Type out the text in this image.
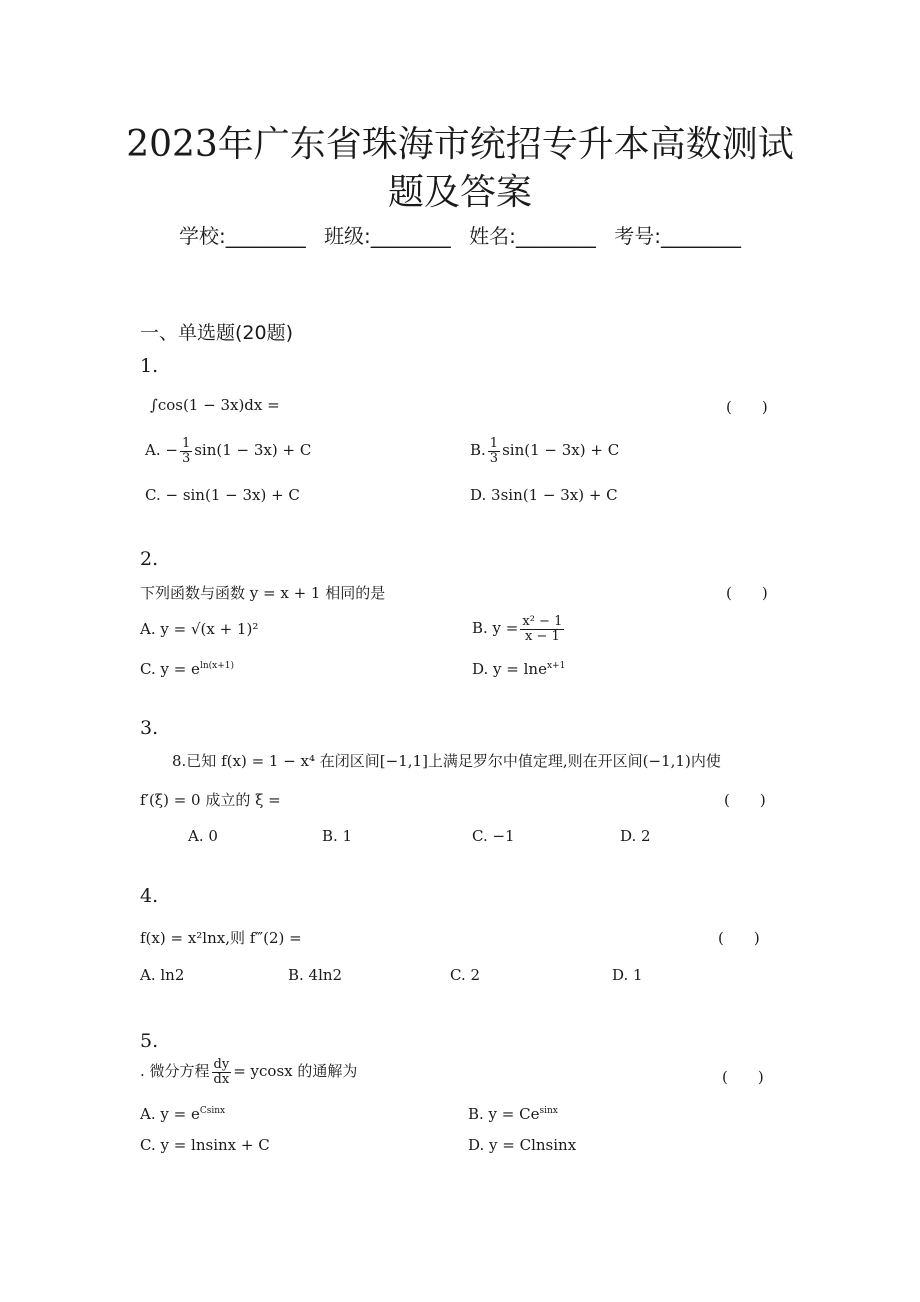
2023年广东省珠海市统招专升本高数测试
题及答案
学校:________ 班级:________ 姓名:________ 考号:________
一、单选题(20题)
1.
∫cos(1 − 3x)dx =	(　　)
A. − $\frac{1}{3} \sin(1 - 3x) + C$	B. $\frac{1}{3} \sin(1 - 3x) + C$
C. − sin(1 − 3x) + C	D. 3sin(1 − 3x) + C
2.
下列函数与函数 y = x + 1 相同的是	(　　)
A. y = √(x + 1)²	B. $y = \frac{\text{x² − 1}}{x - 1}$
C. $y = e^{ln(x+1)}$	D. y = lne$^{x+1}$
3.
8.已知 f(x) = 1 − x⁴ 在闭区间[−1,1]上满足罗尔中值定理,则在开区间(−1,1)内使
f′(ξ) = 0 成立的 ξ =	(　　)
A. 0	B. 1	C. −1	D. 2
4.
f(x) = x²lnx,则 f‴(2) =	(　　)
A. ln2	B. 4ln2	C. 2	D. 1
5.
. 微分方程 $\frac{dy}{dx} = ycosx$ 的通解为	(　　)
A. $y = e^{Csinx}$	B. $y = Ce^{sinx}$
C. y = lnsinx + C	D. y = Clnsinx
